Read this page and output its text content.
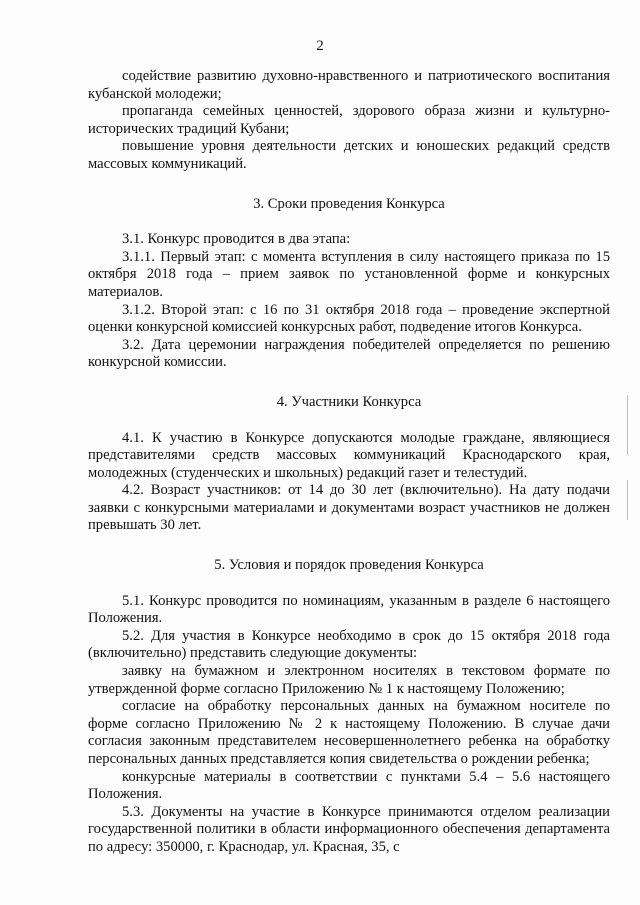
2

содействие развитию духовно-нравственного и патриотического воспитания кубанской молодежи;

пропаганда семейных ценностей, здорового образа жизни и культурно-исторических традиций Кубани;

повышение уровня деятельности детских и юношеских редакций средств массовых коммуникаций.

3. Сроки проведения Конкурса

3.1. Конкурс проводится в два этапа:

3.1.1. Первый этап: с момента вступления в силу настоящего приказа по 15 октября 2018 года – прием заявок по установленной форме и конкурсных материалов.

3.1.2. Второй этап: с 16 по 31 октября 2018 года – проведение экспертной оценки конкурсной комиссией конкурсных работ, подведение итогов Конкурса.

3.2. Дата церемонии награждения победителей определяется по решению конкурсной комиссии.

4. Участники Конкурса

4.1. К участию в Конкурсе допускаются молодые граждане, являющиеся представителями средств массовых коммуникаций Краснодарского края, молодежных (студенческих и школьных) редакций газет и телестудий.

4.2. Возраст участников: от 14 до 30 лет (включительно). На дату подачи заявки с конкурсными материалами и документами возраст участников не должен превышать 30 лет.

5. Условия и порядок проведения Конкурса

5.1. Конкурс проводится по номинациям, указанным в разделе 6 настоящего Положения.

5.2. Для участия в Конкурсе необходимо в срок до 15 октября 2018 года (включительно) представить следующие документы:

заявку на бумажном и электронном носителях в текстовом формате по утвержденной форме согласно Приложению № 1 к настоящему Положению;

согласие на обработку персональных данных на бумажном носителе по форме согласно Приложению № 2 к настоящему Положению. В случае дачи согласия законным представителем несовершеннолетнего ребенка на обработку персональных данных представляется копия свидетельства о рождении ребенка;

конкурсные материалы в соответствии с пунктами 5.4 – 5.6 настоящего Положения.

5.3. Документы на участие в Конкурсе принимаются отделом реализации государственной политики в области информационного обеспечения департамента по адресу: 350000, г. Краснодар, ул. Красная, 35, с
